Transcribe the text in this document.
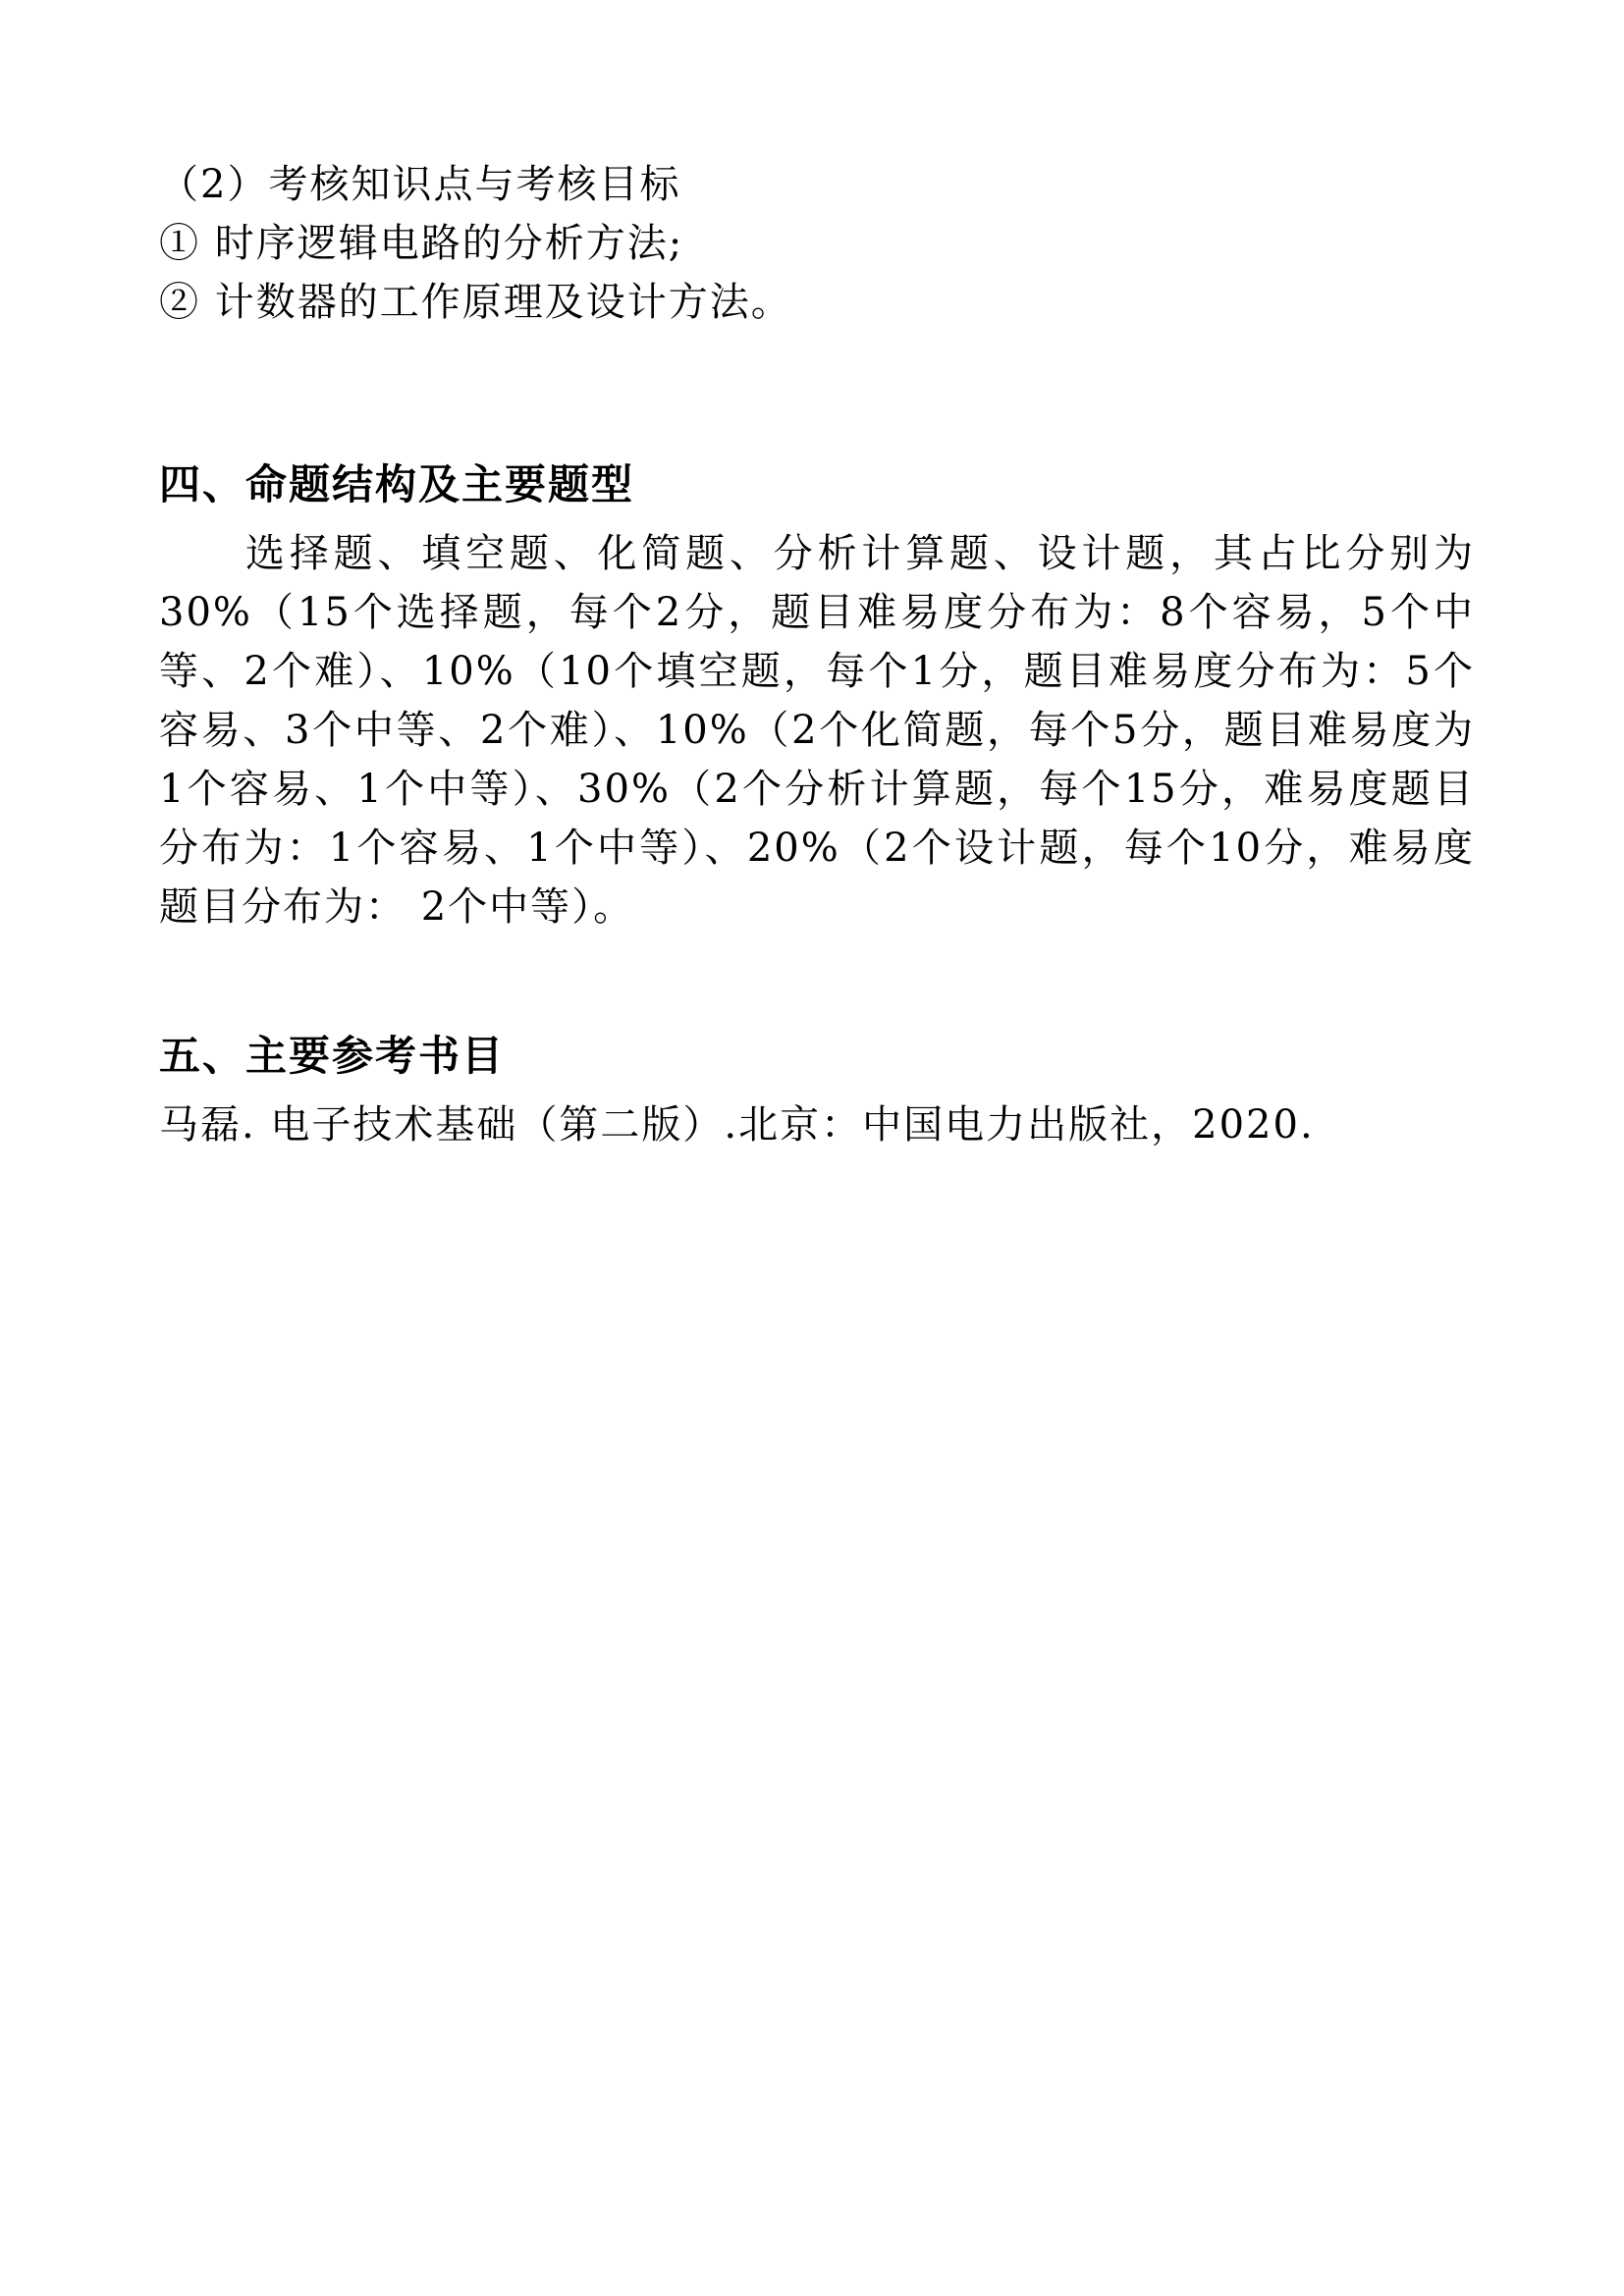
（2）考核知识点与考核目标
① 时序逻辑电路的分析方法;
② 计数器的工作原理及设计方法。
四、命题结构及主要题型
选择题、填空题、化简题、分析计算题、设计题，其占比分别为30%（15个选择题，每个2分，题目难易度分布为：8个容易，5个中等、2个难）、10%（10个填空题，每个1分，题目难易度分布为：5个容易、3个中等、2个难）、10%（2个化简题，每个5分，题目难易度为1个容易、1个中等）、30%（2个分析计算题，每个15分，难易度题目分布为：1个容易、1个中等）、20%（2个设计题，每个10分，难易度题目分布为： 2个中等）。
五、主要参考书目
马磊. 电子技术基础（第二版）.北京：中国电力出版社，2020.
